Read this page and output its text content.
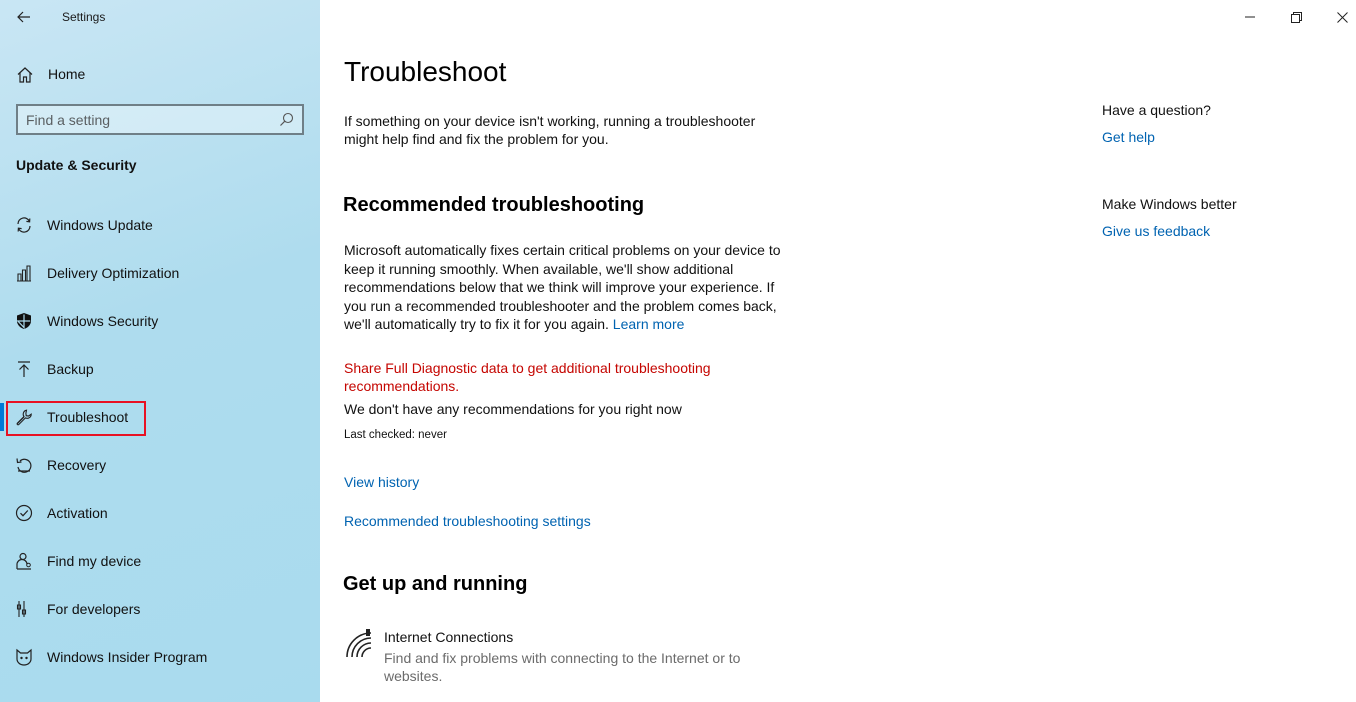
Settings
Home
Find a setting
Update & Security
Windows Update
Delivery Optimization
Windows Security
Backup
Troubleshoot
Recovery
Activation
Find my device
For developers
Windows Insider Program
Troubleshoot

If something on your device isn't working, running a troubleshooter might help find and fix the problem for you.

Recommended troubleshooting

Microsoft automatically fixes certain critical problems on your device to keep it running smoothly. When available, we'll show additional recommendations below that we think will improve your experience. If you run a recommended troubleshooter and the problem comes back, we'll automatically try to fix it for you again. Learn more

Share Full Diagnostic data to get additional troubleshooting recommendations.

We don't have any recommendations for you right now

Last checked: never

View history
Recommended troubleshooting settings
Get up and running
Internet Connections
Find and fix problems with connecting to the Internet or to websites.
Have a question?
Get help
Make Windows better
Give us feedback
